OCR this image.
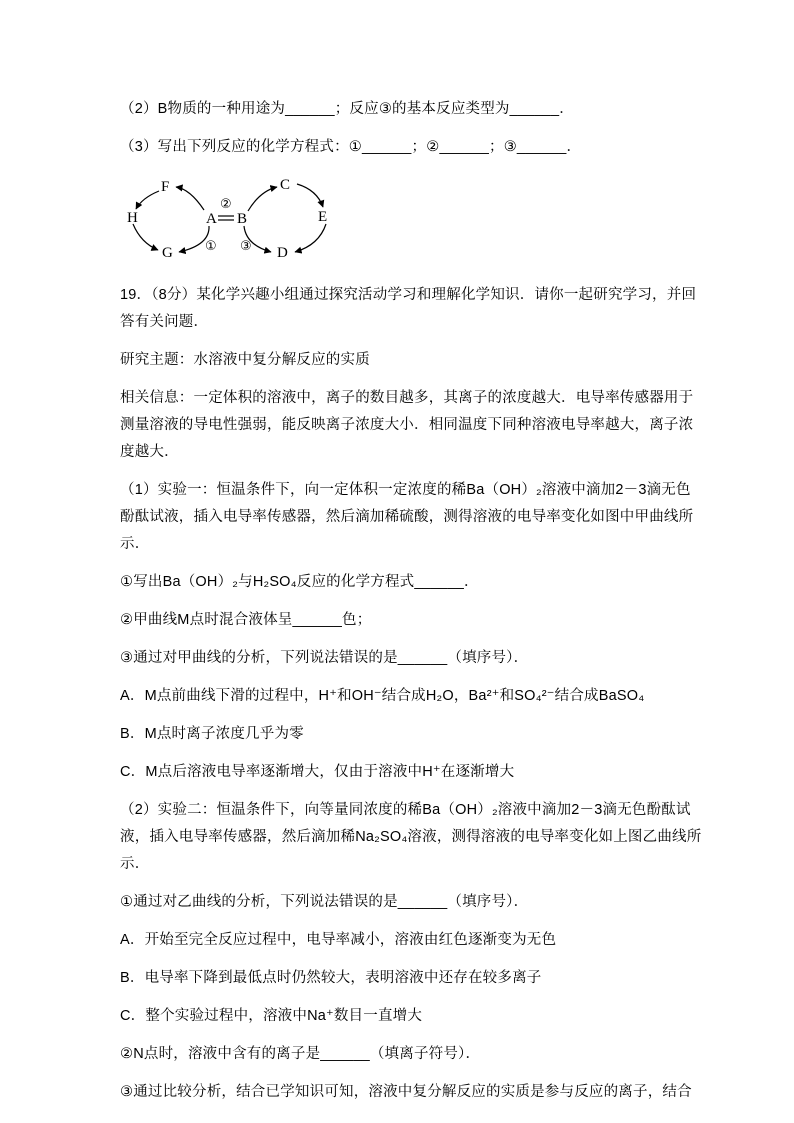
（2）B物质的一种用途为______；反应③的基本反应类型为______．
（3）写出下列反应的化学方程式：①______；②______；③______．
F
H
G
A B
C
E
D
②
① ③
19．（8分）某化学兴趣小组通过探究活动学习和理解化学知识．请你一起研究学习，并回
答有关问题．
研究主题：水溶液中复分解反应的实质
相关信息：一定体积的溶液中，离子的数目越多，其离子的浓度越大．电导率传感器用于
测量溶液的导电性强弱，能反映离子浓度大小．相同温度下同种溶液电导率越大，离子浓
度越大．
（1）实验一：恒温条件下，向一定体积一定浓度的稀Ba（OH）₂溶液中滴加2－3滴无色
酚酞试液，插入电导率传感器，然后滴加稀硫酸，测得溶液的电导率变化如图中甲曲线所
示．
①写出Ba（OH）₂与H₂SO₄反应的化学方程式______．
②甲曲线M点时混合液体呈______色；
③通过对甲曲线的分析，下列说法错误的是______（填序号）．
A．M点前曲线下滑的过程中，H⁺和OH⁻结合成H₂O，Ba²⁺和SO₄²⁻结合成BaSO₄
B．M点时离子浓度几乎为零
C．M点后溶液电导率逐渐增大，仅由于溶液中H⁺在逐渐增大
（2）实验二：恒温条件下，向等量同浓度的稀Ba（OH）₂溶液中滴加2－3滴无色酚酞试
液，插入电导率传感器，然后滴加稀Na₂SO₄溶液，测得溶液的电导率变化如上图乙曲线所
示．
①通过对乙曲线的分析，下列说法错误的是______（填序号）．
A．开始至完全反应过程中，电导率减小，溶液由红色逐渐变为无色
B．电导率下降到最低点时仍然较大，表明溶液中还存在较多离子
C．整个实验过程中，溶液中Na⁺数目一直增大
②N点时，溶液中含有的离子是______（填离子符号）．
③通过比较分析，结合已学知识可知，溶液中复分解反应的实质是参与反应的离子，结合
